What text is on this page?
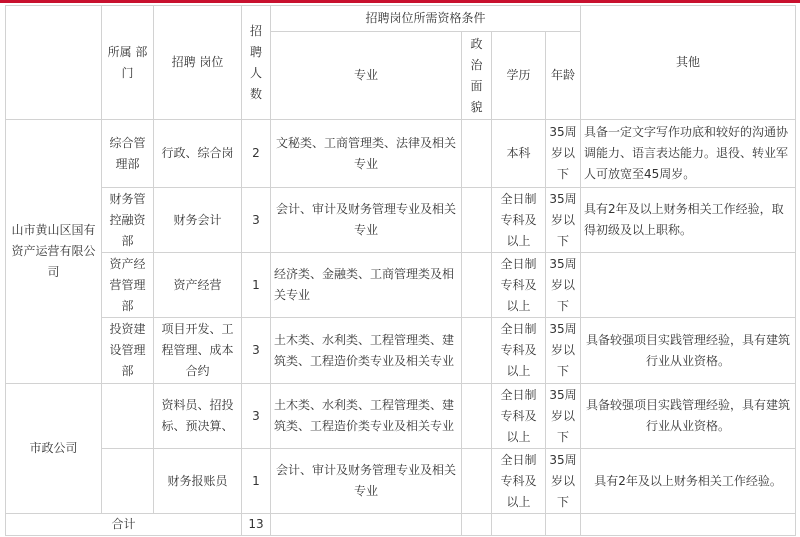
	所属 部门	招聘 岗位	招聘人数	招聘岗位所需资格条件				其他
				专业	政治面貌	学历	年龄	
山市黄山区国有资产运营有限公司	综合管理部	行政、综合岗	2	文秘类、工商管理类、法律及相关专业		本科	35周岁以下	具备一定文字写作功底和较好的沟通协调能力、语言表达能力。退役、转业军人可放宽至45周岁。
	财务管控融资部	财务会计	3	会计、审计及财务管理专业及相关专业		全日制专科及以上	35周岁以下	具有2年及以上财务相关工作经验，取得初级及以上职称。
	资产经营管理部	资产经营	1	经济类、金融类、工商管理类及相关专业		全日制专科及以上	35周岁以下	
	投资建设管理部	项目开发、工程管理、成本合约	3	土木类、水利类、工程管理类、建筑类、工程造价类专业及相关专业		全日制专科及以上	35周岁以下	具备较强项目实践管理经验，具有建筑行业从业资格。
市政公司		资料员、招投标、预决算、	3	土木类、水利类、工程管理类、建筑类、工程造价类专业及相关专业		全日制专科及以上	35周岁以下	具备较强项目实践管理经验，具有建筑行业从业资格。
		财务报账员	1	会计、审计及财务管理专业及相关专业		全日制专科及以上	35周岁以下	具有2年及以上财务相关工作经验。
合计			13					
